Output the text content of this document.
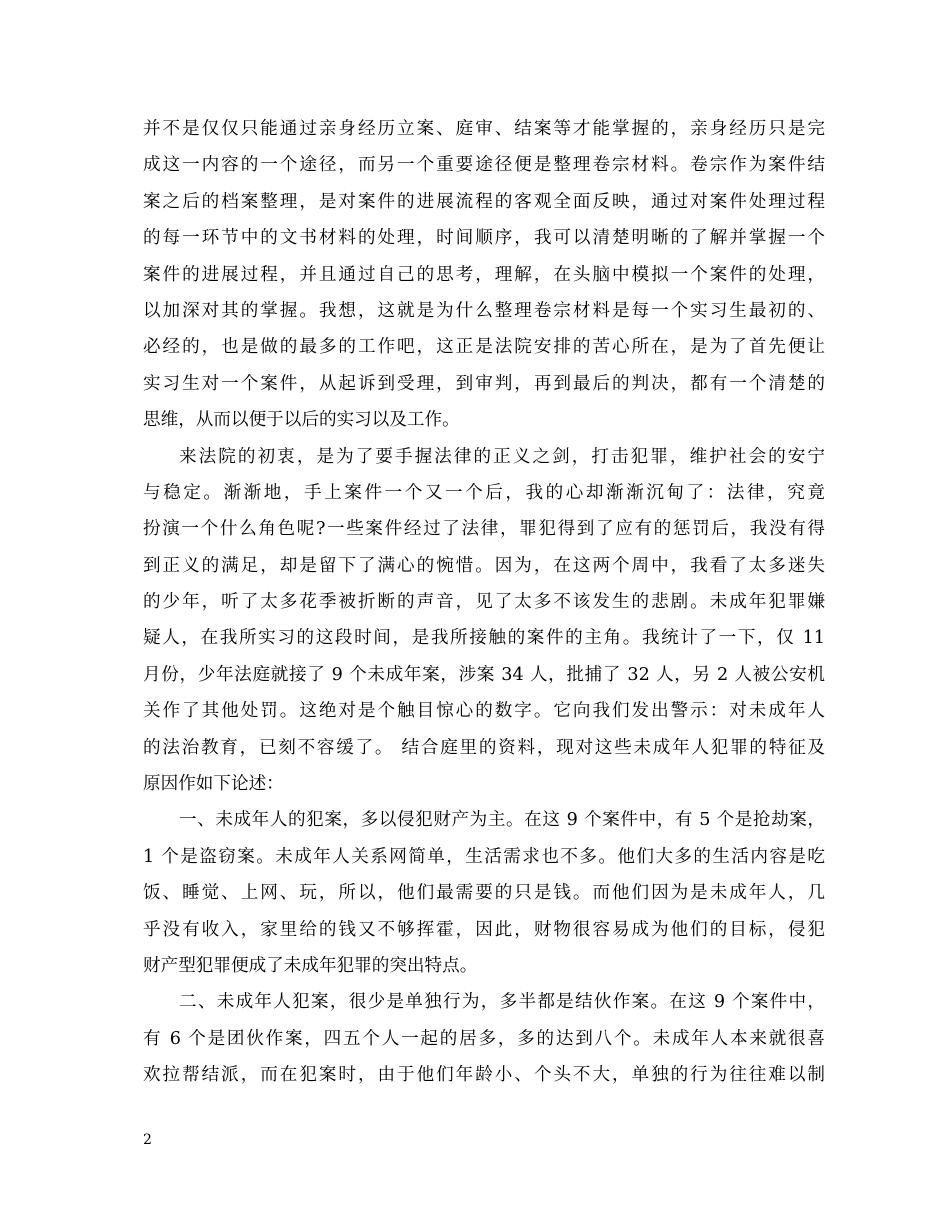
并不是仅仅只能通过亲身经历立案、庭审、结案等才能掌握的，亲身经历只是完
成这一内容的一个途径，而另一个重要途径便是整理卷宗材料。卷宗作为案件结
案之后的档案整理，是对案件的进展流程的客观全面反映，通过对案件处理过程
的每一环节中的文书材料的处理，时间顺序，我可以清楚明晰的了解并掌握一个
案件的进展过程，并且通过自己的思考，理解，在头脑中模拟一个案件的处理，
以加深对其的掌握。我想，这就是为什么整理卷宗材料是每一个实习生最初的、
必经的，也是做的最多的工作吧，这正是法院安排的苦心所在，是为了首先便让
实习生对一个案件，从起诉到受理，到审判，再到最后的判决，都有一个清楚的
思维，从而以便于以后的实习以及工作。
来法院的初衷，是为了要手握法律的正义之剑，打击犯罪，维护社会的安宁
与稳定。渐渐地，手上案件一个又一个后，我的心却渐渐沉甸了：法律，究竟
扮演一个什么角色呢?一些案件经过了法律，罪犯得到了应有的惩罚后，我没有得
到正义的满足，却是留下了满心的惋惜。因为，在这两个周中，我看了太多迷失
的少年，听了太多花季被折断的声音，见了太多不该发生的悲剧。未成年犯罪嫌
疑人，在我所实习的这段时间，是我所接触的案件的主角。我统计了一下，仅 11
月份，少年法庭就接了 9 个未成年案，涉案 34 人，批捕了 32 人，另 2 人被公安机
关作了其他处罚。这绝对是个触目惊心的数字。它向我们发出警示：对未成年人
的法治教育，已刻不容缓了。 结合庭里的资料，现对这些未成年人犯罪的特征及
原因作如下论述：
一、未成年人的犯案，多以侵犯财产为主。在这 9 个案件中，有 5 个是抢劫案，
1 个是盗窃案。未成年人关系网简单，生活需求也不多。他们大多的生活内容是吃
饭、睡觉、上网、玩，所以，他们最需要的只是钱。而他们因为是未成年人，几
乎没有收入，家里给的钱又不够挥霍，因此，财物很容易成为他们的目标，侵犯
财产型犯罪便成了未成年犯罪的突出特点。
二、未成年人犯案，很少是单独行为，多半都是结伙作案。在这 9 个案件中，
有 6 个是团伙作案，四五个人一起的居多，多的达到八个。未成年人本来就很喜
欢拉帮结派，而在犯案时，由于他们年龄小、个头不大，单独的行为往往难以制
2
